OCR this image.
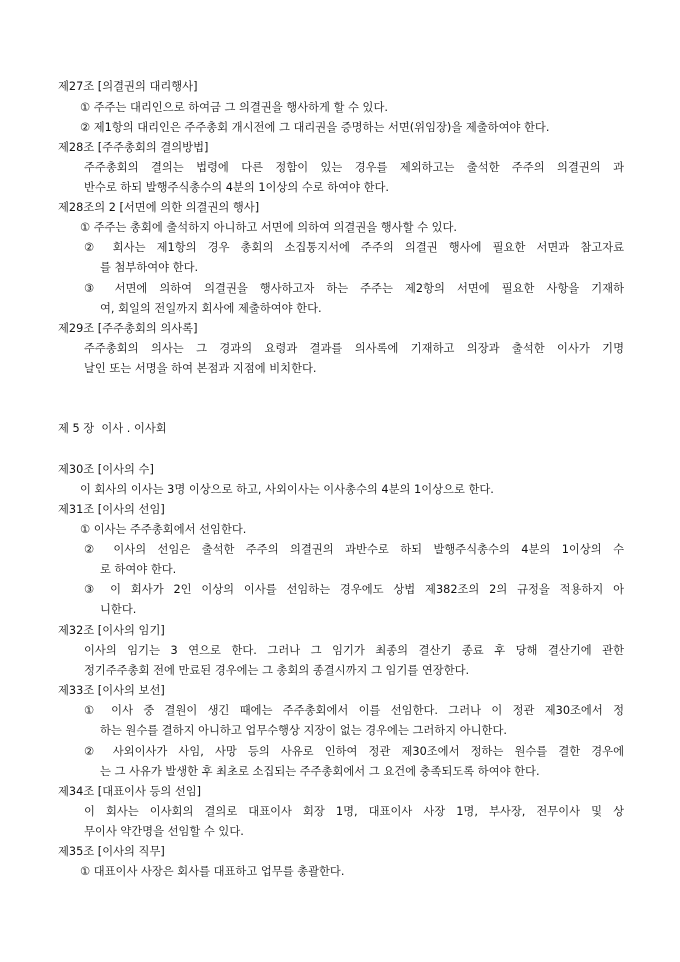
제27조 [의결권의 대리행사]
① 주주는 대리인으로 하여금 그 의결권을 행사하게 할 수 있다.
② 제1항의 대리인은 주주총회 개시전에 그 대리권을 증명하는 서면(위임장)을 제출하여야 한다.
제28조 [주주총회의 결의방법]
주주총회의 결의는 법령에 다른 정함이 있는 경우를 제외하고는 출석한 주주의 의결권의 과
반수로 하되 발행주식총수의 4분의 1이상의 수로 하여야 한다.
제28조의 2 [서면에 의한 의결권의 행사]
① 주주는 총회에 출석하지 아니하고 서면에 의하여 의결권을 행사할 수 있다.
② 회사는 제1항의 경우 총회의 소집통지서에 주주의 의결권 행사에 필요한 서면과 참고자료
를 첨부하여야 한다.
③ 서면에 의하여 의결권을 행사하고자 하는 주주는 제2항의 서면에 필요한 사항을 기재하
여, 회일의 전일까지 회사에 제출하여야 한다.
제29조 [주주총회의 의사록]
주주총회의 의사는 그 경과의 요령과 결과를 의사록에 기재하고 의장과 출석한 이사가 기명
날인 또는 서명을 하여 본점과 지점에 비치한다.
제 5 장  이사 . 이사회
제30조 [이사의 수]
이 회사의 이사는 3명 이상으로 하고, 사외이사는 이사총수의 4분의 1이상으로 한다.
제31조 [이사의 선임]
① 이사는 주주총회에서 선임한다.
② 이사의 선임은 출석한 주주의 의결권의 과반수로 하되 발행주식총수의 4분의 1이상의 수
로 하여야 한다.
③ 이 회사가 2인 이상의 이사를 선임하는 경우에도 상법 제382조의 2의 규정을 적용하지 아
니한다.
제32조 [이사의 임기]
이사의 임기는 3 연으로 한다. 그러나 그 임기가 최종의 결산기 종료 후 당해 결산기에 관한
정기주주총회 전에 만료된 경우에는 그 총회의 종결시까지 그 임기를 연장한다.
제33조 [이사의 보선]
① 이사 중 결원이 생긴 때에는 주주총회에서 이를 선임한다. 그러나 이 정관 제30조에서 정
하는 원수를 결하지 아니하고 업무수행상 지장이 없는 경우에는 그러하지 아니한다.
② 사외이사가 사임, 사망 등의 사유로 인하여 정관 제30조에서 정하는 원수를 결한 경우에
는 그 사유가 발생한 후 최초로 소집되는 주주총회에서 그 요건에 충족되도록 하여야 한다.
제34조 [대표이사 등의 선임]
이 회사는 이사회의 결의로 대표이사 회장 1명, 대표이사 사장 1명, 부사장, 전무이사 및 상
무이사 약간명을 선임할 수 있다.
제35조 [이사의 직무]
① 대표이사 사장은 회사를 대표하고 업무를 총괄한다.
